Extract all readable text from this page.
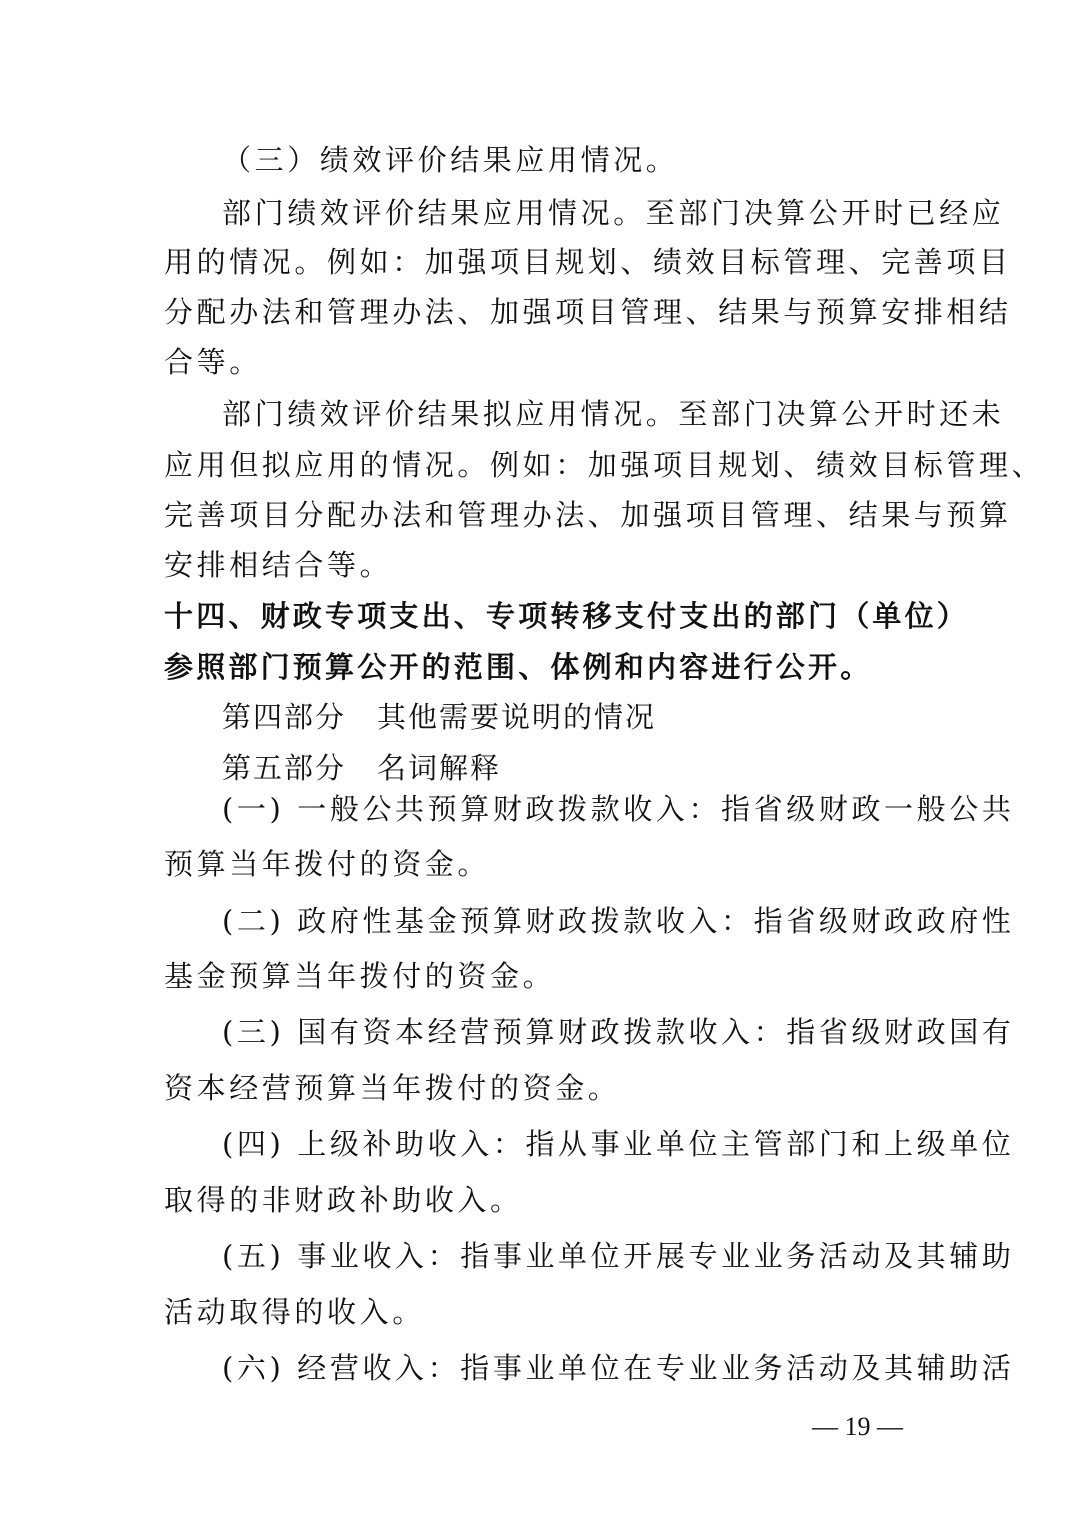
（三）绩效评价结果应用情况。

部门绩效评价结果应用情况。至部门决算公开时已经应

用的情况。例如：加强项目规划、绩效目标管理、完善项目

分配办法和管理办法、加强项目管理、结果与预算安排相结

合等。

部门绩效评价结果拟应用情况。至部门决算公开时还未

应用但拟应用的情况。例如：加强项目规划、绩效目标管理、

完善项目分配办法和管理办法、加强项目管理、结果与预算

安排相结合等。

十四、财政专项支出、专项转移支付支出的部门（单位）

参照部门预算公开的范围、体例和内容进行公开。

第四部分　其他需要说明的情况

第五部分　名词解释

(一) 一般公共预算财政拨款收入：指省级财政一般公共

预算当年拨付的资金。

(二) 政府性基金预算财政拨款收入：指省级财政政府性

基金预算当年拨付的资金。

(三) 国有资本经营预算财政拨款收入：指省级财政国有

资本经营预算当年拨付的资金。

(四) 上级补助收入：指从事业单位主管部门和上级单位

取得的非财政补助收入。

(五) 事业收入：指事业单位开展专业业务活动及其辅助

活动取得的收入。

(六) 经营收入：指事业单位在专业业务活动及其辅助活

— 19 —
